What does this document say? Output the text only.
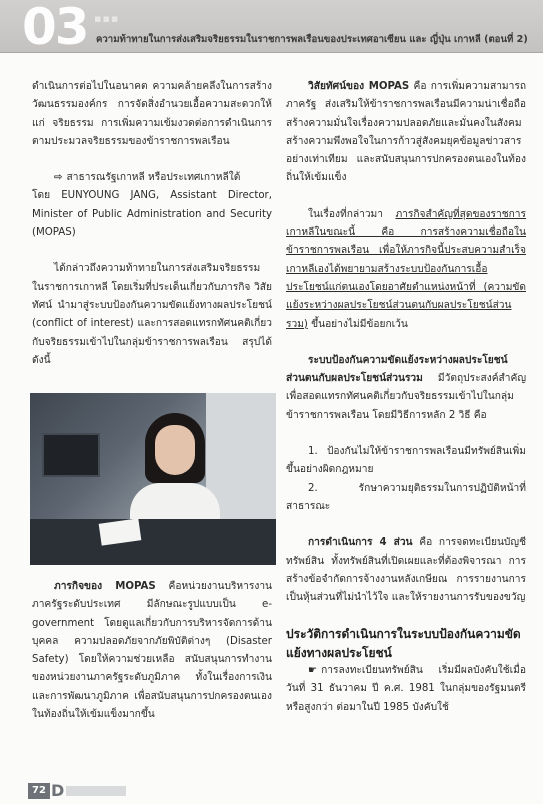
03 ▪▪▪
ความท้าทายในการส่งเสริมจริยธรรมในราชการพลเรือนของประเทศอาเซียน และ ญี่ปุ่น เกาหลี (ตอนที่ 2)

ดำเนินการต่อไปในอนาคต ความคล้ายคลึงในการสร้างวัฒนธรรมองค์กร การจัดสิ่งอำนวยเอื้อความสะดวกให้แก่ จริยธรรม การเพิ่มความเข้มงวดต่อการดำเนินการตามประมวลจริยธรรมของข้าราชการพลเรือน

⇨ สาธารณรัฐเกาหลี หรือประเทศเกาหลีใต้

โดย EUNYOUNG JANG, Assistant Director, Minister of Public Administration and Security (MOPAS)

ได้กล่าวถึงความท้าทายในการส่งเสริมจริยธรรมในราชการเกาหลี โดยเริ่มที่ประเด็นเกี่ยวกับภารกิจ วิสัยทัศน์ นำมาสู่ระบบป้องกันความขัดแย้งทางผลประโยชน์ (conflict of interest) และการสอดแทรกทัศนคติเกี่ยวกับจริยธรรมเข้าไปในกลุ่มข้าราชการพลเรือน สรุปได้ดังนี้

ภารกิจของ MOPAS คือหน่วยงานบริหารงานภาครัฐระดับประเทศ มีลักษณะรูปแบบเป็น e-government โดยดูแลเกี่ยวกับการบริหารจัดการด้านบุคคล ความปลอดภัยจากภัยพิบัติต่างๆ (Disaster Safety) โดยให้ความช่วยเหลือ สนับสนุนการทำงานของหน่วยงานภาครัฐระดับภูมิภาค ทั้งในเรื่องการเงินและการพัฒนาภูมิภาค เพื่อสนับสนุนการปกครองตนเองในท้องถิ่นให้เข้มแข็งมากขึ้น

วิสัยทัศน์ของ MOPAS คือ การเพิ่มความสามารถภาครัฐ ส่งเสริมให้ข้าราชการพลเรือนมีความน่าเชื่อถือ สร้างความมั่นใจเรื่องความปลอดภัยและมั่นคงในสังคม สร้างความพึงพอใจในการก้าวสู่สังคมยุคข้อมูลข่าวสารอย่างเท่าเทียม และสนับสนุนการปกครองตนเองในท้องถิ่นให้เข้มแข็ง

ในเรื่องที่กล่าวมา ภารกิจสำคัญที่สุดของราชการเกาหลีในขณะนี้ คือ การสร้างความเชื่อถือในข้าราชการพลเรือน เพื่อให้ภารกิจนี้ประสบความสำเร็จ เกาหลีเองได้พยายามสร้างระบบป้องกันการเอื้อประโยชน์แก่ตนเองโดยอาศัยตำแหน่งหน้าที่ (ความขัดแย้งระหว่างผลประโยชน์ส่วนตนกับผลประโยชน์ส่วนรวม) ขึ้นอย่างไม่มีข้อยกเว้น

ระบบป้องกันความขัดแย้งระหว่างผลประโยชน์ส่วนตนกับผลประโยชน์ส่วนรวม มีวัตถุประสงค์สำคัญ เพื่อสอดแทรกทัศนคติเกี่ยวกับจริยธรรมเข้าไปในกลุ่มข้าราชการพลเรือน โดยมีวิธีการหลัก 2 วิธี คือ

1. ป้องกันไม่ให้ข้าราชการพลเรือนมีทรัพย์สินเพิ่มขึ้นอย่างผิดกฎหมาย

2. รักษาความยุติธรรมในการปฏิบัติหน้าที่สาธารณะ

การดำเนินการ 4 ส่วน คือ การจดทะเบียนบัญชีทรัพย์สิน ทั้งทรัพย์สินที่เปิดเผยและที่ต้องพิจารณา การสร้างข้อจำกัดการจ้างงานหลังเกษียณ การรายงานการเป็นหุ้นส่วนที่ไม่นำไว้ใจ และให้รายงานการรับของขวัญ

ประวัติการดำเนินการในระบบป้องกันความขัดแย้งทางผลประโยชน์

☛ การลงทะเบียนทรัพย์สิน เริ่มมีผลบังคับใช้เมื่อวันที่ 31 ธันวาคม ปี ค.ศ. 1981 ในกลุ่มของรัฐมนตรีหรือสูงกว่า ต่อมาในปี 1985 บังคับใช้

72 D
